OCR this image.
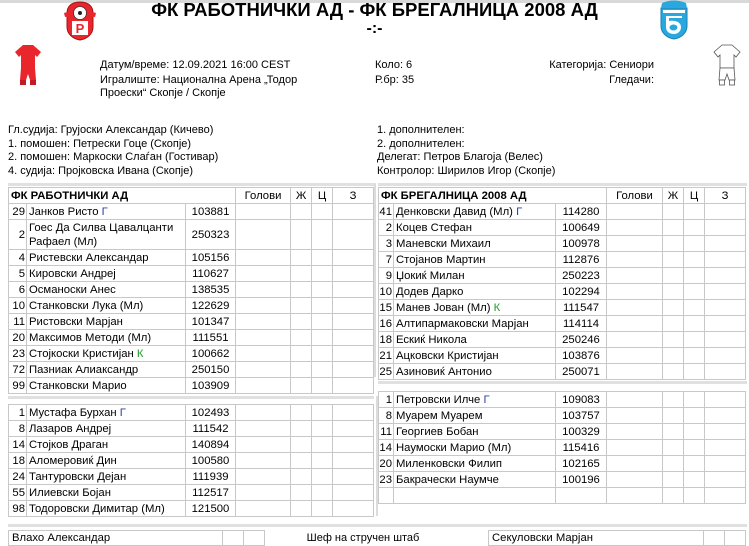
P
ФК РАБОТНИЧКИ АД - ФК БРЕГАЛНИЦА 2008 АД
-:-
Датум/време: 12.09.2021 16:00 CEST
Игралиште: Национална Арена „Тодор
Проески“ Скопје / Скопје
Коло: 6
Р.бр: 35
Категорија: Сениори
Гледачи:
Гл.судија: Грујоски Александар (Кичево)
1. помошен: Петрески Гоце (Скопје)
2. помошен: Маркоски Слаѓан (Гостивар)
4. судија: Пројковска Ивана (Скопје)
1. дополнителен:
2. дополнителен:
Делегат: Петров Благоја (Велес)
Контролор: Ширилов Игор (Скопје)
ФК РАБОТНИЧКИ АД			Голови	Ж	Ц	З
29	Јанков Ристо Г	103881				
2	Гоес Да Силва Цавалцанти Рафаел (Мл)	250323				
4	Ристевски Александар	105156				
5	Кировски Андреј	110627				
6	Османоски Анес	138535				
10	Станковски Лука (Мл)	122629				
11	Ристовски Марјан	101347				
20	Максимов Методи (Мл)	111551				
23	Стојкоски Кристијан К	100662				
72	Пазниак Алиаксандр	250150				
99	Станковски Марио	103909				
ФК БРЕГАЛНИЦА 2008 АД			Голови	Ж	Ц	З
41	Денковски Давид (Мл) Г	114280				
2	Коцев Стефан	100649				
3	Маневски Михаил	100978				
7	Стојанов Мартин	112876				
9	Џокиќ Милан	250223				
10	Додев Дарко	102294				
15	Манев Јован (Мл) К	111547				
16	Алтипармаковски Марјан	114114				
18	Ескиќ Никола	250246				
21	Ацковски Кристијан	103876				
25	Азиновиќ Антонио	250071				
1	Мустафа Бурхан Г	102493				
8	Лазаров Андреј	111542				
14	Стојков Драган	140894				
18	Аломеровиќ Дин	100580				
24	Тантуровски Дејан	111939				
55	Илиевски Бојан	112517				
98	Тодоровски Димитар (Мл)	121500				
1	Петровски Илче Г	109083				
8	Муарем Муарем	103757				
11	Георгиев Бобан	100329				
14	Наумоски Марио (Мл)	115416				
20	Миленковски Филип	102165				
23	Бакрачески Наумче	100196				

Влахо Александар			Шеф на стручен штаб	Секуловски Марјан		
